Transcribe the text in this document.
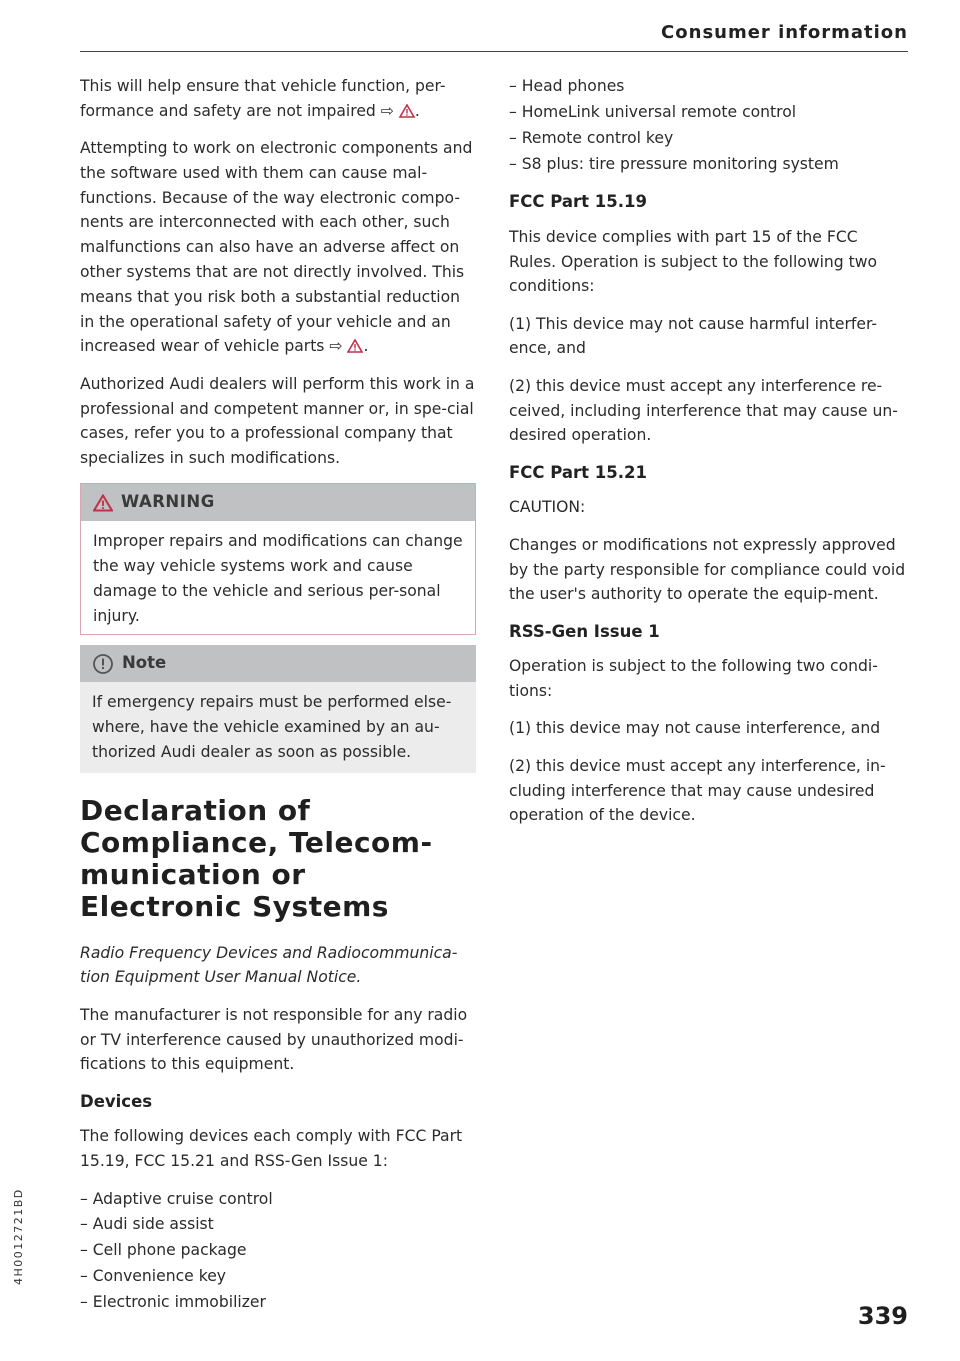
Consumer information

This will help ensure that vehicle function, per-formance and safety are not impaired ⇨ .

Attempting to work on electronic components and the software used with them can cause mal-functions. Because of the way electronic compo-nents are interconnected with each other, such malfunctions can also have an adverse affect on other systems that are not directly involved. This means that you risk both a substantial reduction in the operational safety of your vehicle and an increased wear of vehicle parts ⇨ .

Authorized Audi dealers will perform this work in a professional and competent manner or, in spe-cial cases, refer you to a professional company that specializes in such modifications.

WARNING
Improper repairs and modifications can change the way vehicle systems work and cause damage to the vehicle and serious per-sonal injury.
Note
If emergency repairs must be performed else-where, have the vehicle examined by an au-thorized Audi dealer as soon as possible.
Declaration of Compliance, Telecom-munication or Electronic Systems

Radio Frequency Devices and Radiocommunica-tion Equipment User Manual Notice.

The manufacturer is not responsible for any radio or TV interference caused by unauthorized modi-fications to this equipment.

Devices

The following devices each comply with FCC Part 15.19, FCC 15.21 and RSS-Gen Issue 1:

– Adaptive cruise control
– Audi side assist
– Cell phone package
– Convenience key
– Electronic immobilizer
– Head phones
– HomeLink universal remote control
– Remote control key
– S8 plus: tire pressure monitoring system
FCC Part 15.19

This device complies with part 15 of the FCC Rules. Operation is subject to the following two conditions:

(1) This device may not cause harmful interfer-ence, and

(2) this device must accept any interference re-ceived, including interference that may cause un-desired operation.

FCC Part 15.21

CAUTION:

Changes or modifications not expressly approved by the party responsible for compliance could void the user's authority to operate the equip-ment.

RSS-Gen Issue 1

Operation is subject to the following two condi-tions:

(1) this device may not cause interference, and

(2) this device must accept any interference, in-cluding interference that may cause undesired operation of the device.

4H0012721BD
339
